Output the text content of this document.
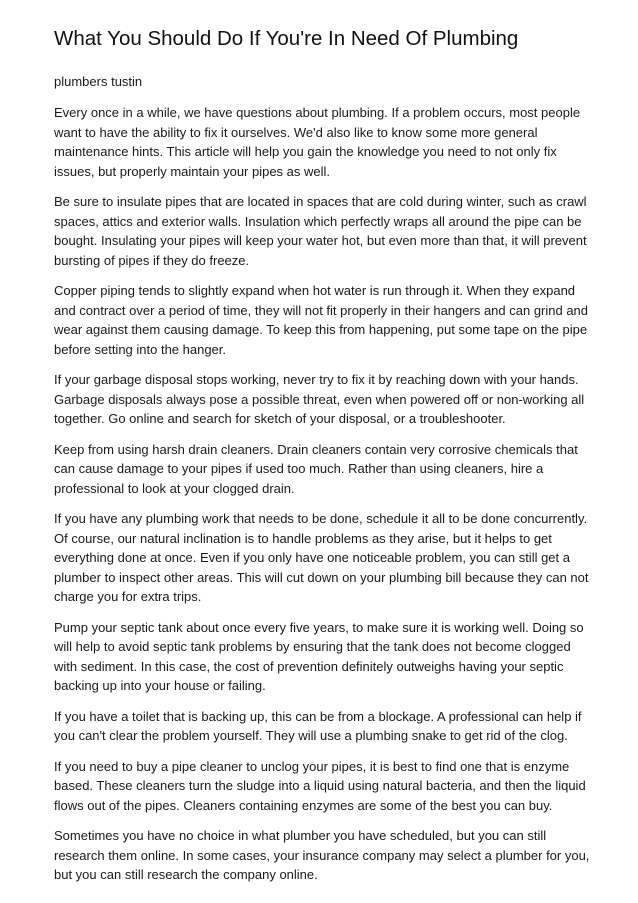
What You Should Do If You're In Need Of Plumbing
plumbers tustin

Every once in a while, we have questions about plumbing. If a problem occurs, most people want to have the ability to fix it ourselves. We'd also like to know some more general maintenance hints. This article will help you gain the knowledge you need to not only fix issues, but properly maintain your pipes as well.

Be sure to insulate pipes that are located in spaces that are cold during winter, such as crawl spaces, attics and exterior walls. Insulation which perfectly wraps all around the pipe can be bought. Insulating your pipes will keep your water hot, but even more than that, it will prevent bursting of pipes if they do freeze.

Copper piping tends to slightly expand when hot water is run through it. When they expand and contract over a period of time, they will not fit properly in their hangers and can grind and wear against them causing damage. To keep this from happening, put some tape on the pipe before setting into the hanger.

If your garbage disposal stops working, never try to fix it by reaching down with your hands. Garbage disposals always pose a possible threat, even when powered off or non-working all together. Go online and search for sketch of your disposal, or a troubleshooter.

Keep from using harsh drain cleaners. Drain cleaners contain very corrosive chemicals that can cause damage to your pipes if used too much. Rather than using cleaners, hire a professional to look at your clogged drain.

If you have any plumbing work that needs to be done, schedule it all to be done concurrently. Of course, our natural inclination is to handle problems as they arise, but it helps to get everything done at once. Even if you only have one noticeable problem, you can still get a plumber to inspect other areas. This will cut down on your plumbing bill because they can not charge you for extra trips.

Pump your septic tank about once every five years, to make sure it is working well. Doing so will help to avoid septic tank problems by ensuring that the tank does not become clogged with sediment. In this case, the cost of prevention definitely outweighs having your septic backing up into your house or failing.

If you have a toilet that is backing up, this can be from a blockage. A professional can help if you can't clear the problem yourself. They will use a plumbing snake to get rid of the clog.

If you need to buy a pipe cleaner to unclog your pipes, it is best to find one that is enzyme based. These cleaners turn the sludge into a liquid using natural bacteria, and then the liquid flows out of the pipes. Cleaners containing enzymes are some of the best you can buy.

Sometimes you have no choice in what plumber you have scheduled, but you can still research them online. In some cases, your insurance company may select a plumber for you, but you can still research the company online.
